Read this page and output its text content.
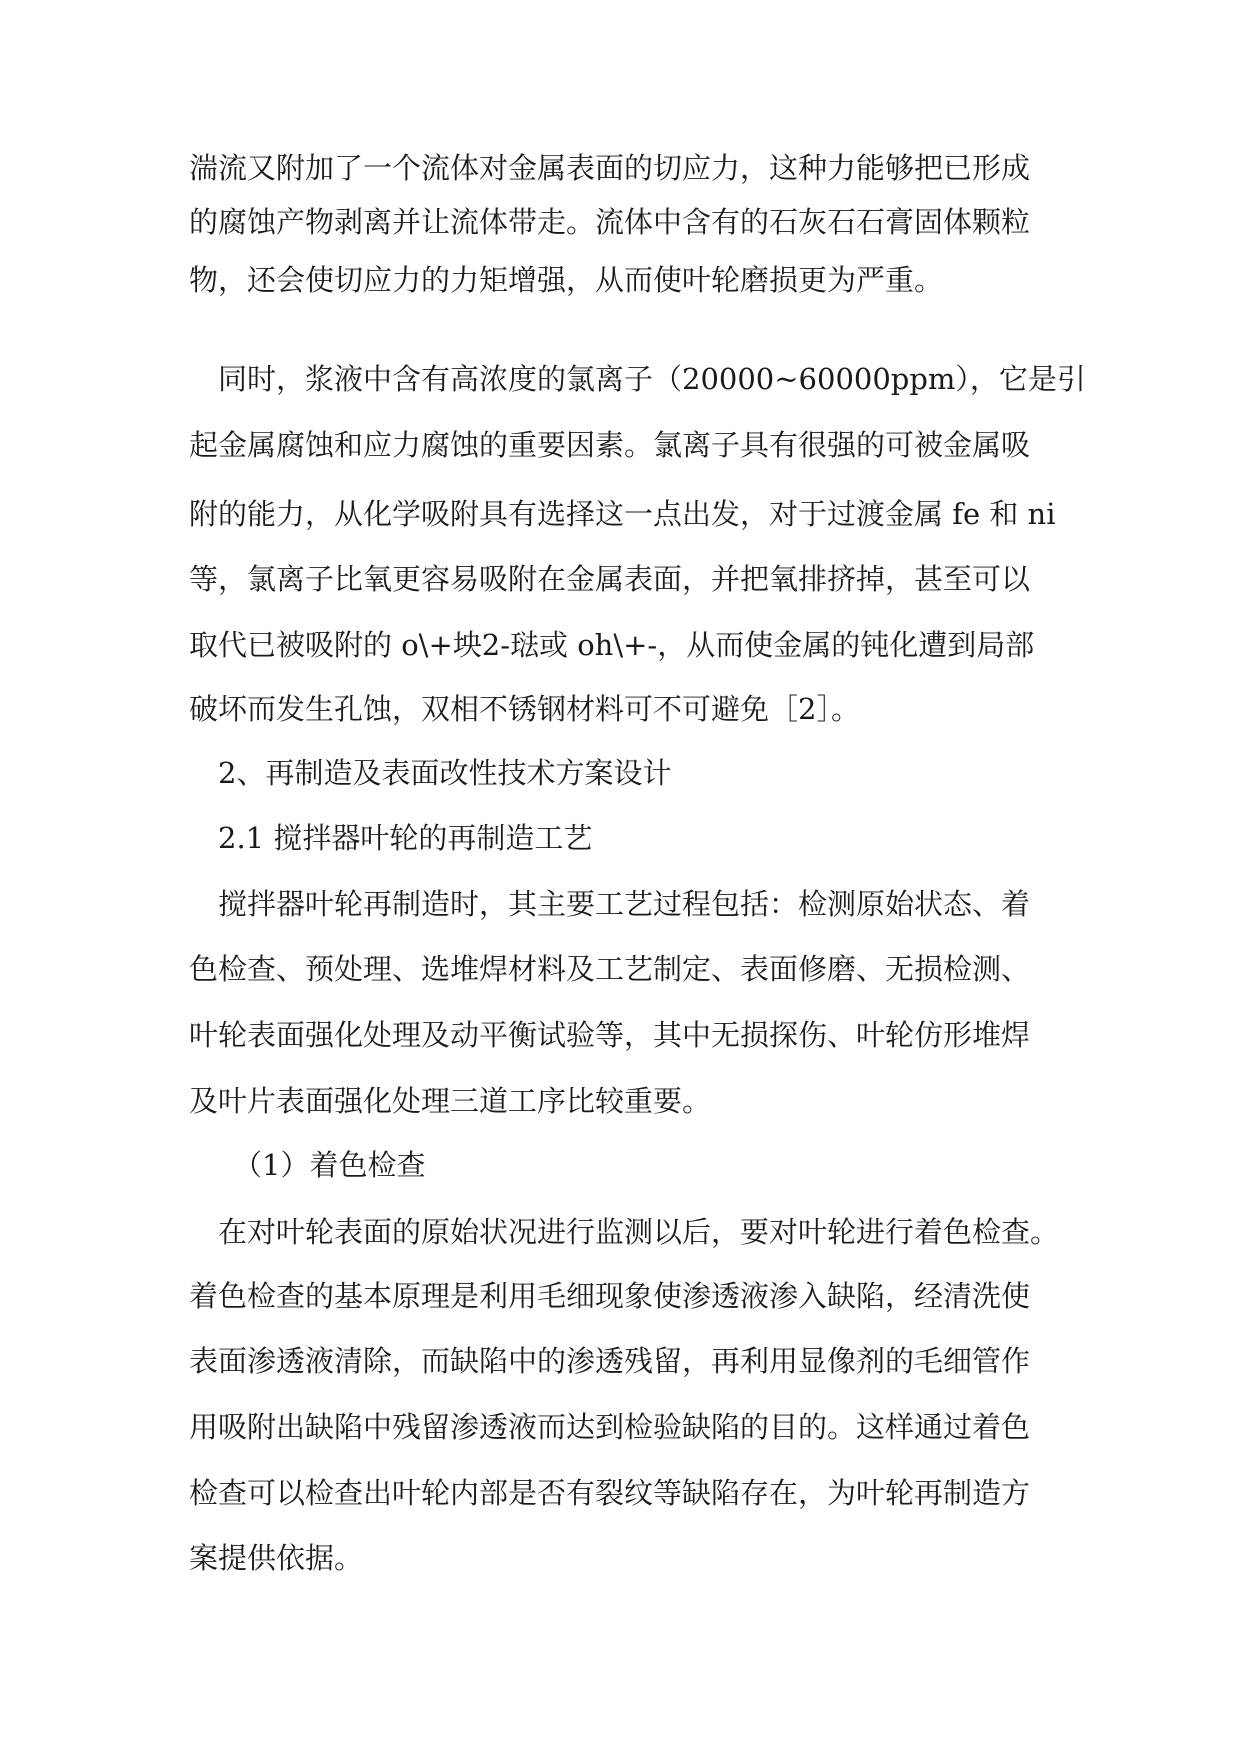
湍流又附加了一个流体对金属表面的切应力，这种力能够把已形成

的腐蚀产物剥离并让流体带走。流体中含有的石灰石石膏固体颗粒

物，还会使切应力的力矩增强，从而使叶轮磨损更为严重。

同时，浆液中含有高浓度的氯离子（20000~60000ppm），它是引

起金属腐蚀和应力腐蚀的重要因素。氯离子具有很强的可被金属吸

附的能力，从化学吸附具有选择这一点出发，对于过渡金属 fe 和 ni

等，氯离子比氧更容易吸附在金属表面，并把氧排挤掉，甚至可以

取代已被吸附的 o\+坱2-琺或 oh\+-，从而使金属的钝化遭到局部

破坏而发生孔蚀，双相不锈钢材料可不可避免［2］。

2、再制造及表面改性技术方案设计

2.1 搅拌器叶轮的再制造工艺

搅拌器叶轮再制造时，其主要工艺过程包括：检测原始状态、着

色检查、预处理、选堆焊材料及工艺制定、表面修磨、无损检测、

叶轮表面强化处理及动平衡试验等，其中无损探伤、叶轮仿形堆焊

及叶片表面强化处理三道工序比较重要。

（1）着色检查

在对叶轮表面的原始状况进行监测以后，要对叶轮进行着色检查。

着色检查的基本原理是利用毛细现象使渗透液渗入缺陷，经清洗使

表面渗透液清除，而缺陷中的渗透残留，再利用显像剂的毛细管作

用吸附出缺陷中残留渗透液而达到检验缺陷的目的。这样通过着色

检查可以检查出叶轮内部是否有裂纹等缺陷存在，为叶轮再制造方

案提供依据。
